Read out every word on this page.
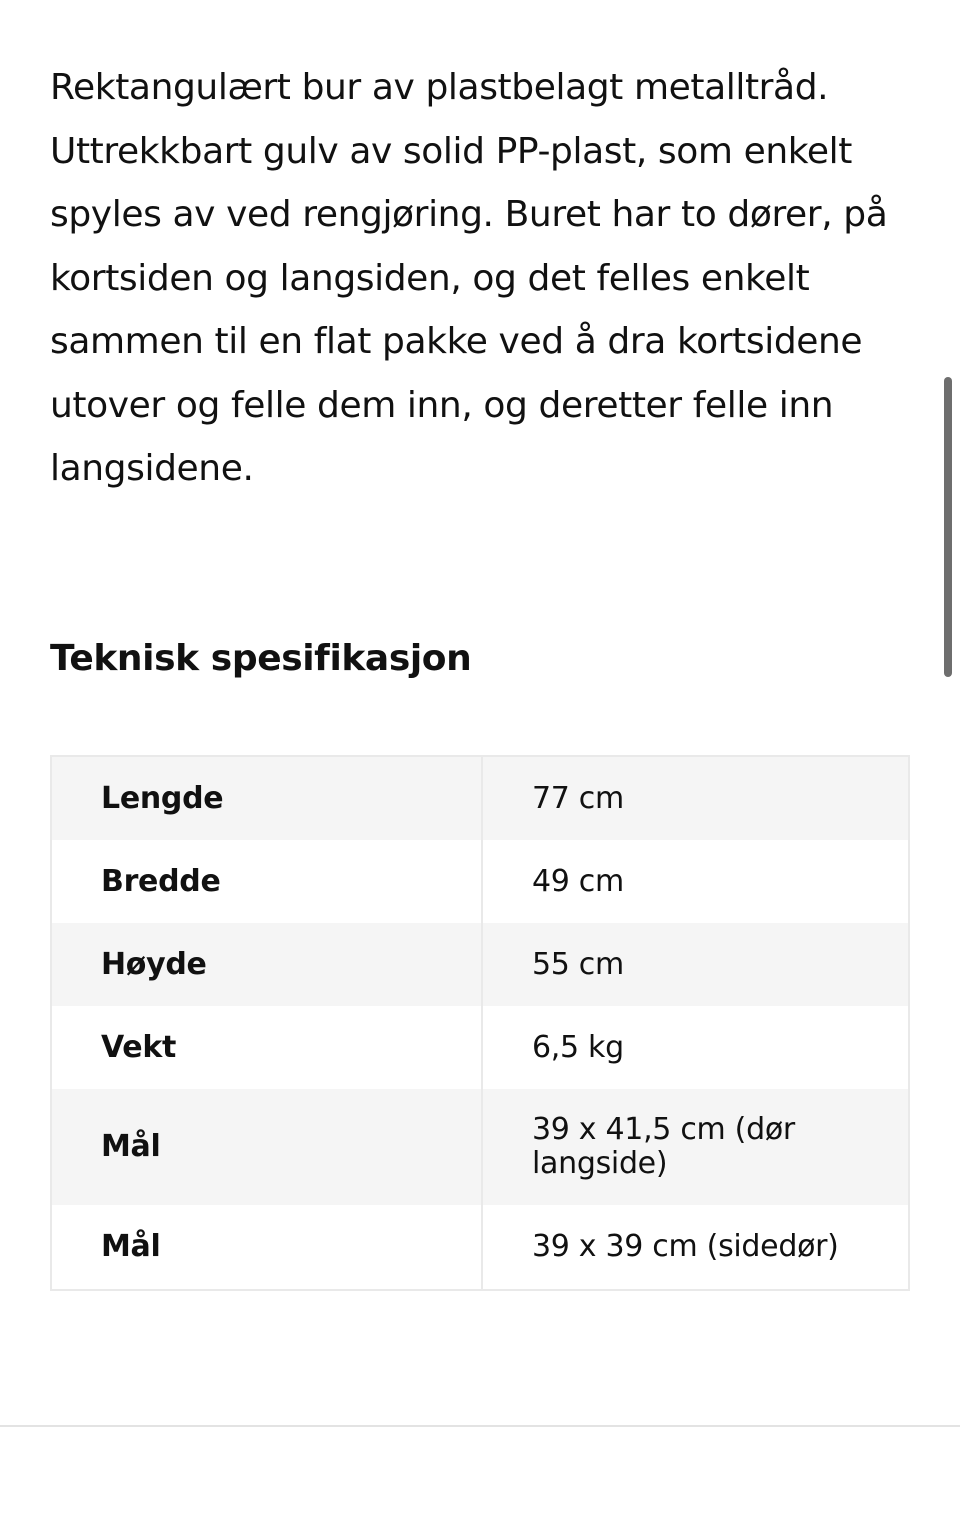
Rektangulært bur av plastbelagt metalltråd.
Uttrekkbart gulv av solid PP-plast, som enkelt
spyles av ved rengjøring. Buret har to dører, på
kortsiden og langsiden, og det felles enkelt
sammen til en flat pakke ved å dra kortsidene
utover og felle dem inn, og deretter felle inn
langsidene.

Teknisk spesifikasjon
Lengde	77 cm
Bredde	49 cm
Høyde	55 cm
Vekt	6,5 kg
Mål	39 x 41,5 cm (dør
langside)
Mål	39 x 39 cm (sidedør)
